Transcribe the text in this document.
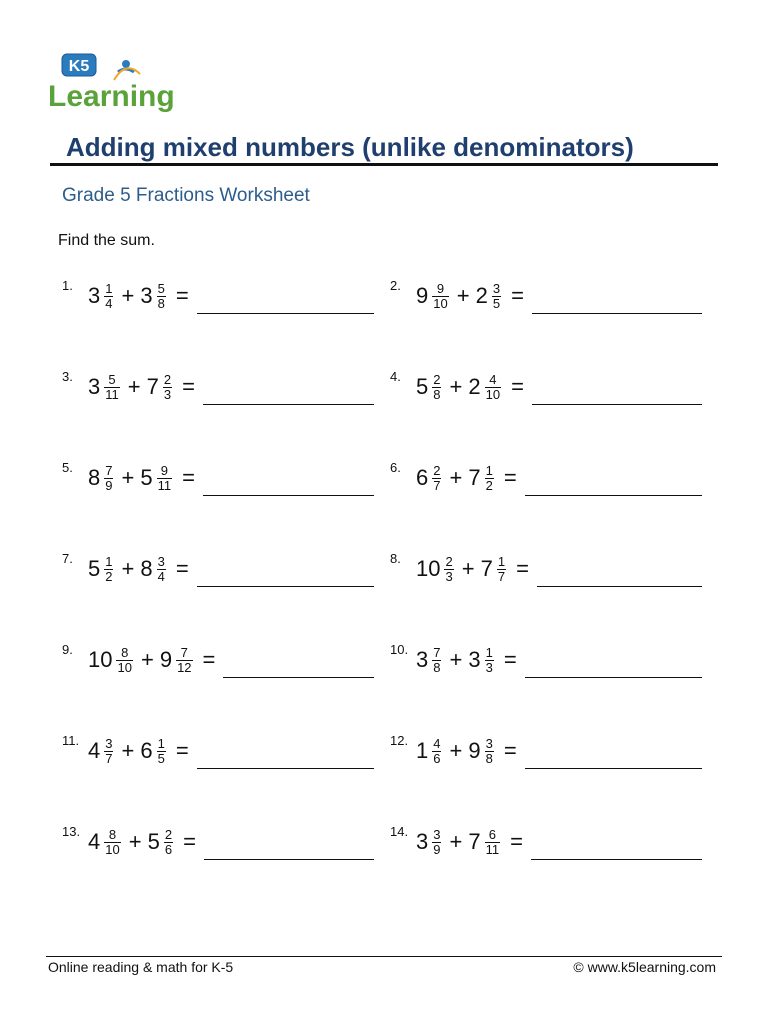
K5
Learning
Adding mixed numbers (unlike denominators)
Grade 5 Fractions Worksheet
Find the sum.
1. $3 \frac{1}{4} + 3 \frac{5}{8}$ =	2. $9 \frac{9}{10} + 2 \frac{3}{5}$ =
3. $3 \frac{5}{11} + 7 \frac{2}{3}$ =	4. $5 \frac{2}{8} + 2 \frac{4}{10}$ =
5. $8 \frac{7}{9} + 5 \frac{9}{11}$ =	6. $6 \frac{2}{7} + 7 \frac{1}{2}$ =
7. $5 \frac{1}{2} + 8 \frac{3}{4}$ =	8. $10 \frac{2}{3} + 7 \frac{1}{7}$ =
9. $10 \frac{8}{10} + 9 \frac{7}{12}$ =	10. $3 \frac{7}{8} + 3 \frac{1}{3}$ =
11. $4 \frac{3}{7} + 6 \frac{1}{5}$ =	12. $1 \frac{4}{6} + 9 \frac{3}{8}$ =
13. $4 \frac{8}{10} + 5 \frac{2}{6}$ =	14. $3 \frac{3}{9} + 7 \frac{6}{11}$ =
Online reading & math for K-5	© www.k5learning.com
